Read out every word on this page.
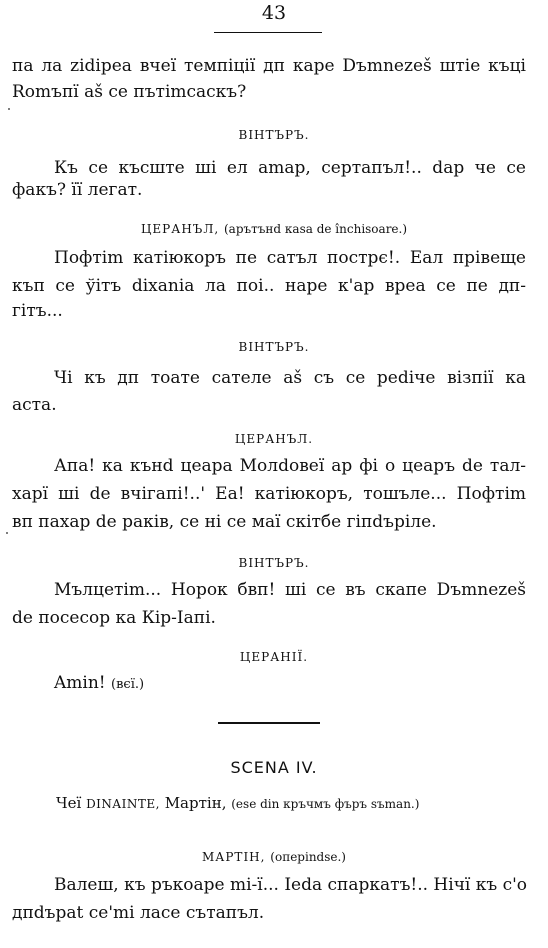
43
па ла zidipea вчеї темпіції дп каре Dъmnezeš штіе къці
Romъпї aš се пътimсаскъ?
ВІНТЪРЪ.
Къ се късште ші ел amap, сертапъл!.. dap че се
факъ? її легат.
ЦЕРАНЪЛ, (арътънd каѕа de închisoare.)
Пофтіm катіюкоръ пе сатъл пострє!. Eал прівеще
къп се ўітъ dixania ла поі.. наре к'ар вреа се пе дп-
гітъ...
ВІНТЪРЪ.
Чі къ дп тоате сателе aš съ се pediче візпії ка
аста.
ЦЕРАНЪЛ.
Апа! ка кънd цеара Молdoвеї ар фі о цеаръ de тал-
харї ші de вчігапі!..' Еа! катіюкоръ, тошъле... Пофтіm
вп пахар de раків, се ні се маї скітбе гіпdъріле.
ВІНТЪРЪ.
Мълцетіm... Норок бвп! ші се въ скапе Dъmnezeš
de посесор ка Кір-Іапі.
ЦЕРАНІЇ.
Amin! (вєї.)
SCENA IV.
Чеї DINAINTE, Мартін, (ese din кръчмъ фъръ ѕъman.)
МАРТІН, (оперіndse.)
Валеш, къ ръкоаре mi-ї... Іеdа спаркатъ!.. Нічї къ с'о
дпdъраt се'mi ласе сътапъл.
